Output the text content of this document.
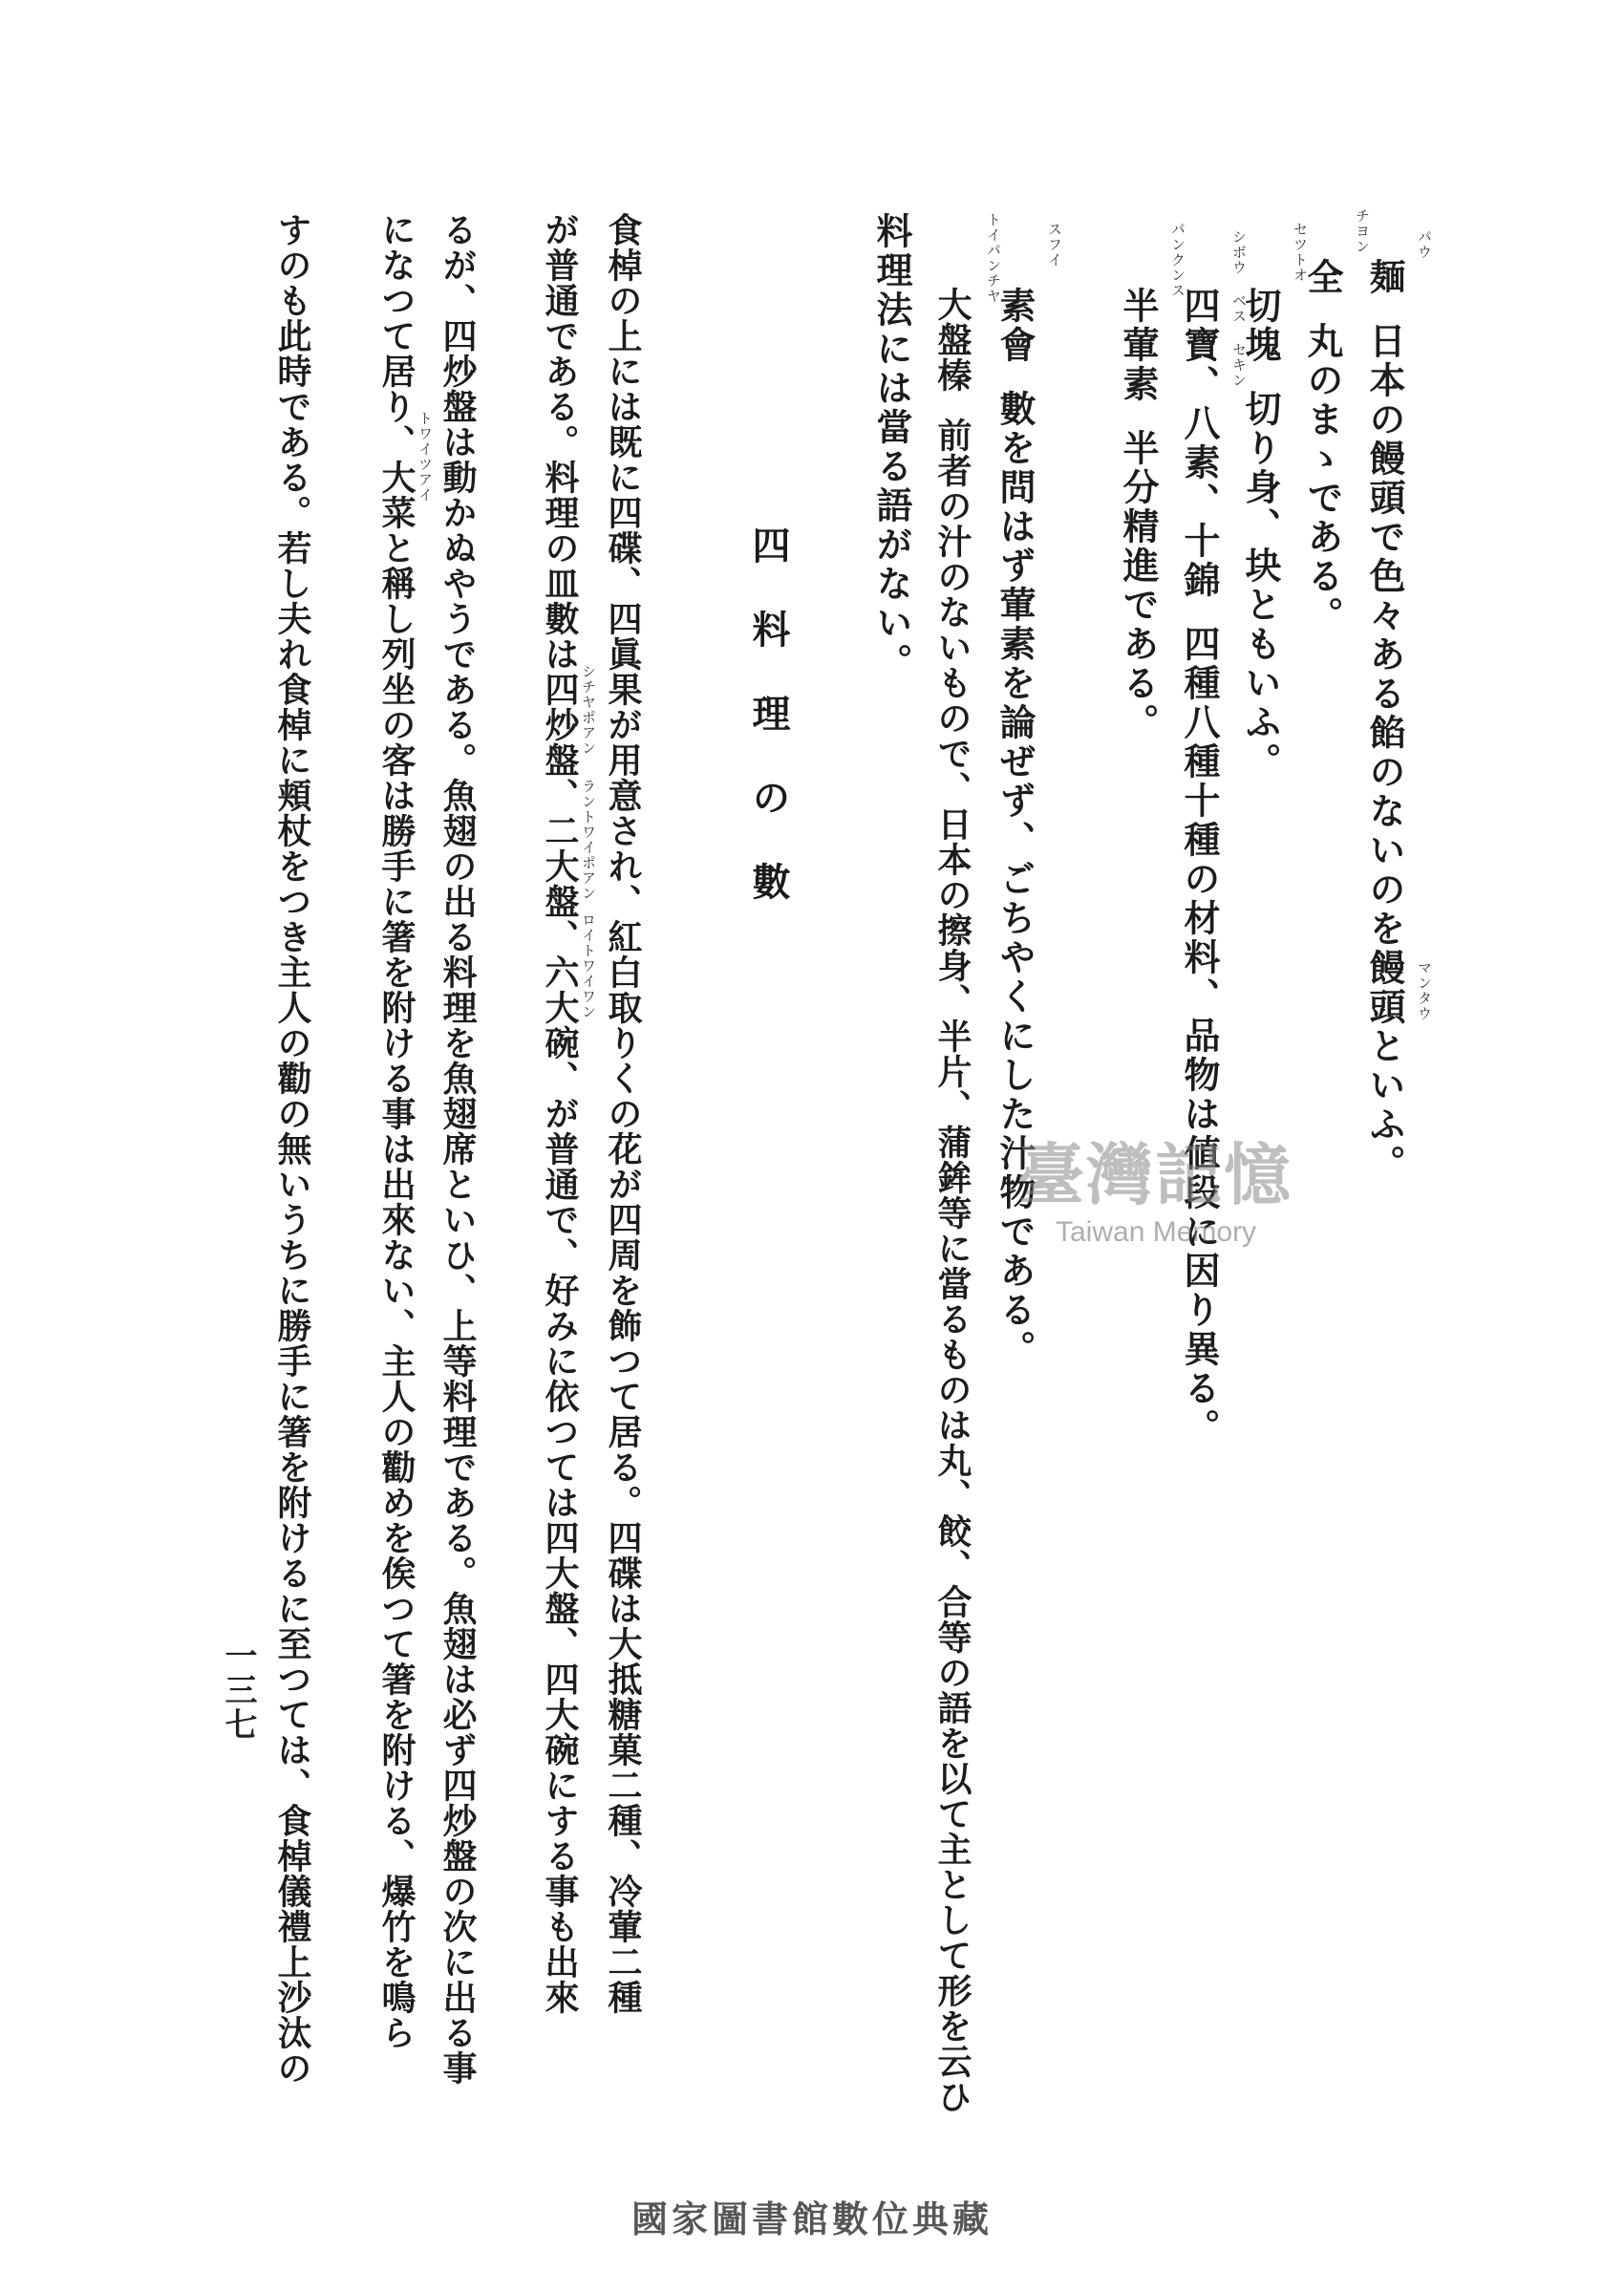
麺日本の饅頭で色々ある餡のないのを饅頭といふ。
パウ
マンタウ
全丸のまゝである。
チヨン
切塊切り身、块ともいふ。
セツトオ
四寶、八素、十錦四種八種十種の材料、品物は値段に因り異る。
シボウ ベス セキン
半葷素半分精進である。
パンクンス
素會數を問はず葷素を論ぜず、ごちやくにした汁物である。
スフイ
大盤榛前者の汁のないもので、日本の擦身、半片、蒲鉾等に當るものは丸、餃、合等の語を以て主として形を云ひ
トイパンチヤ
料理法には當る語がない。
四料理の數
食棹の上には既に四碟、四眞果が用意され、紅白取りくの花が四周を飾つて居る。四碟は大抵糖菓二種、冷葷二種
が普通である。料理の皿數は四炒盤、二大盤、六大碗、が普通で、好みに依つては四大盤、四大碗にする事も出來
るが、四炒盤は動かぬやうである。魚翅の出る料理を魚翅席といひ、上等料理である。魚翅は必ず四炒盤の次に出る事
になつて居り、大菜と稱し列坐の客は勝手に箸を附ける事は出來ない、主人の勸めを俟つて箸を附ける、爆竹を鳴ら
すのも此時である。若し夫れ食棹に頬杖をつき主人の勸の無いうちに勝手に箸を附けるに至つては、食棹儀禮上沙汰の	シチヤポアン
ラントワイポアン
ロイトワイワン
トワイツアイ
一三七
臺灣記憶
Taiwan Memory
國家圖書館數位典藏
